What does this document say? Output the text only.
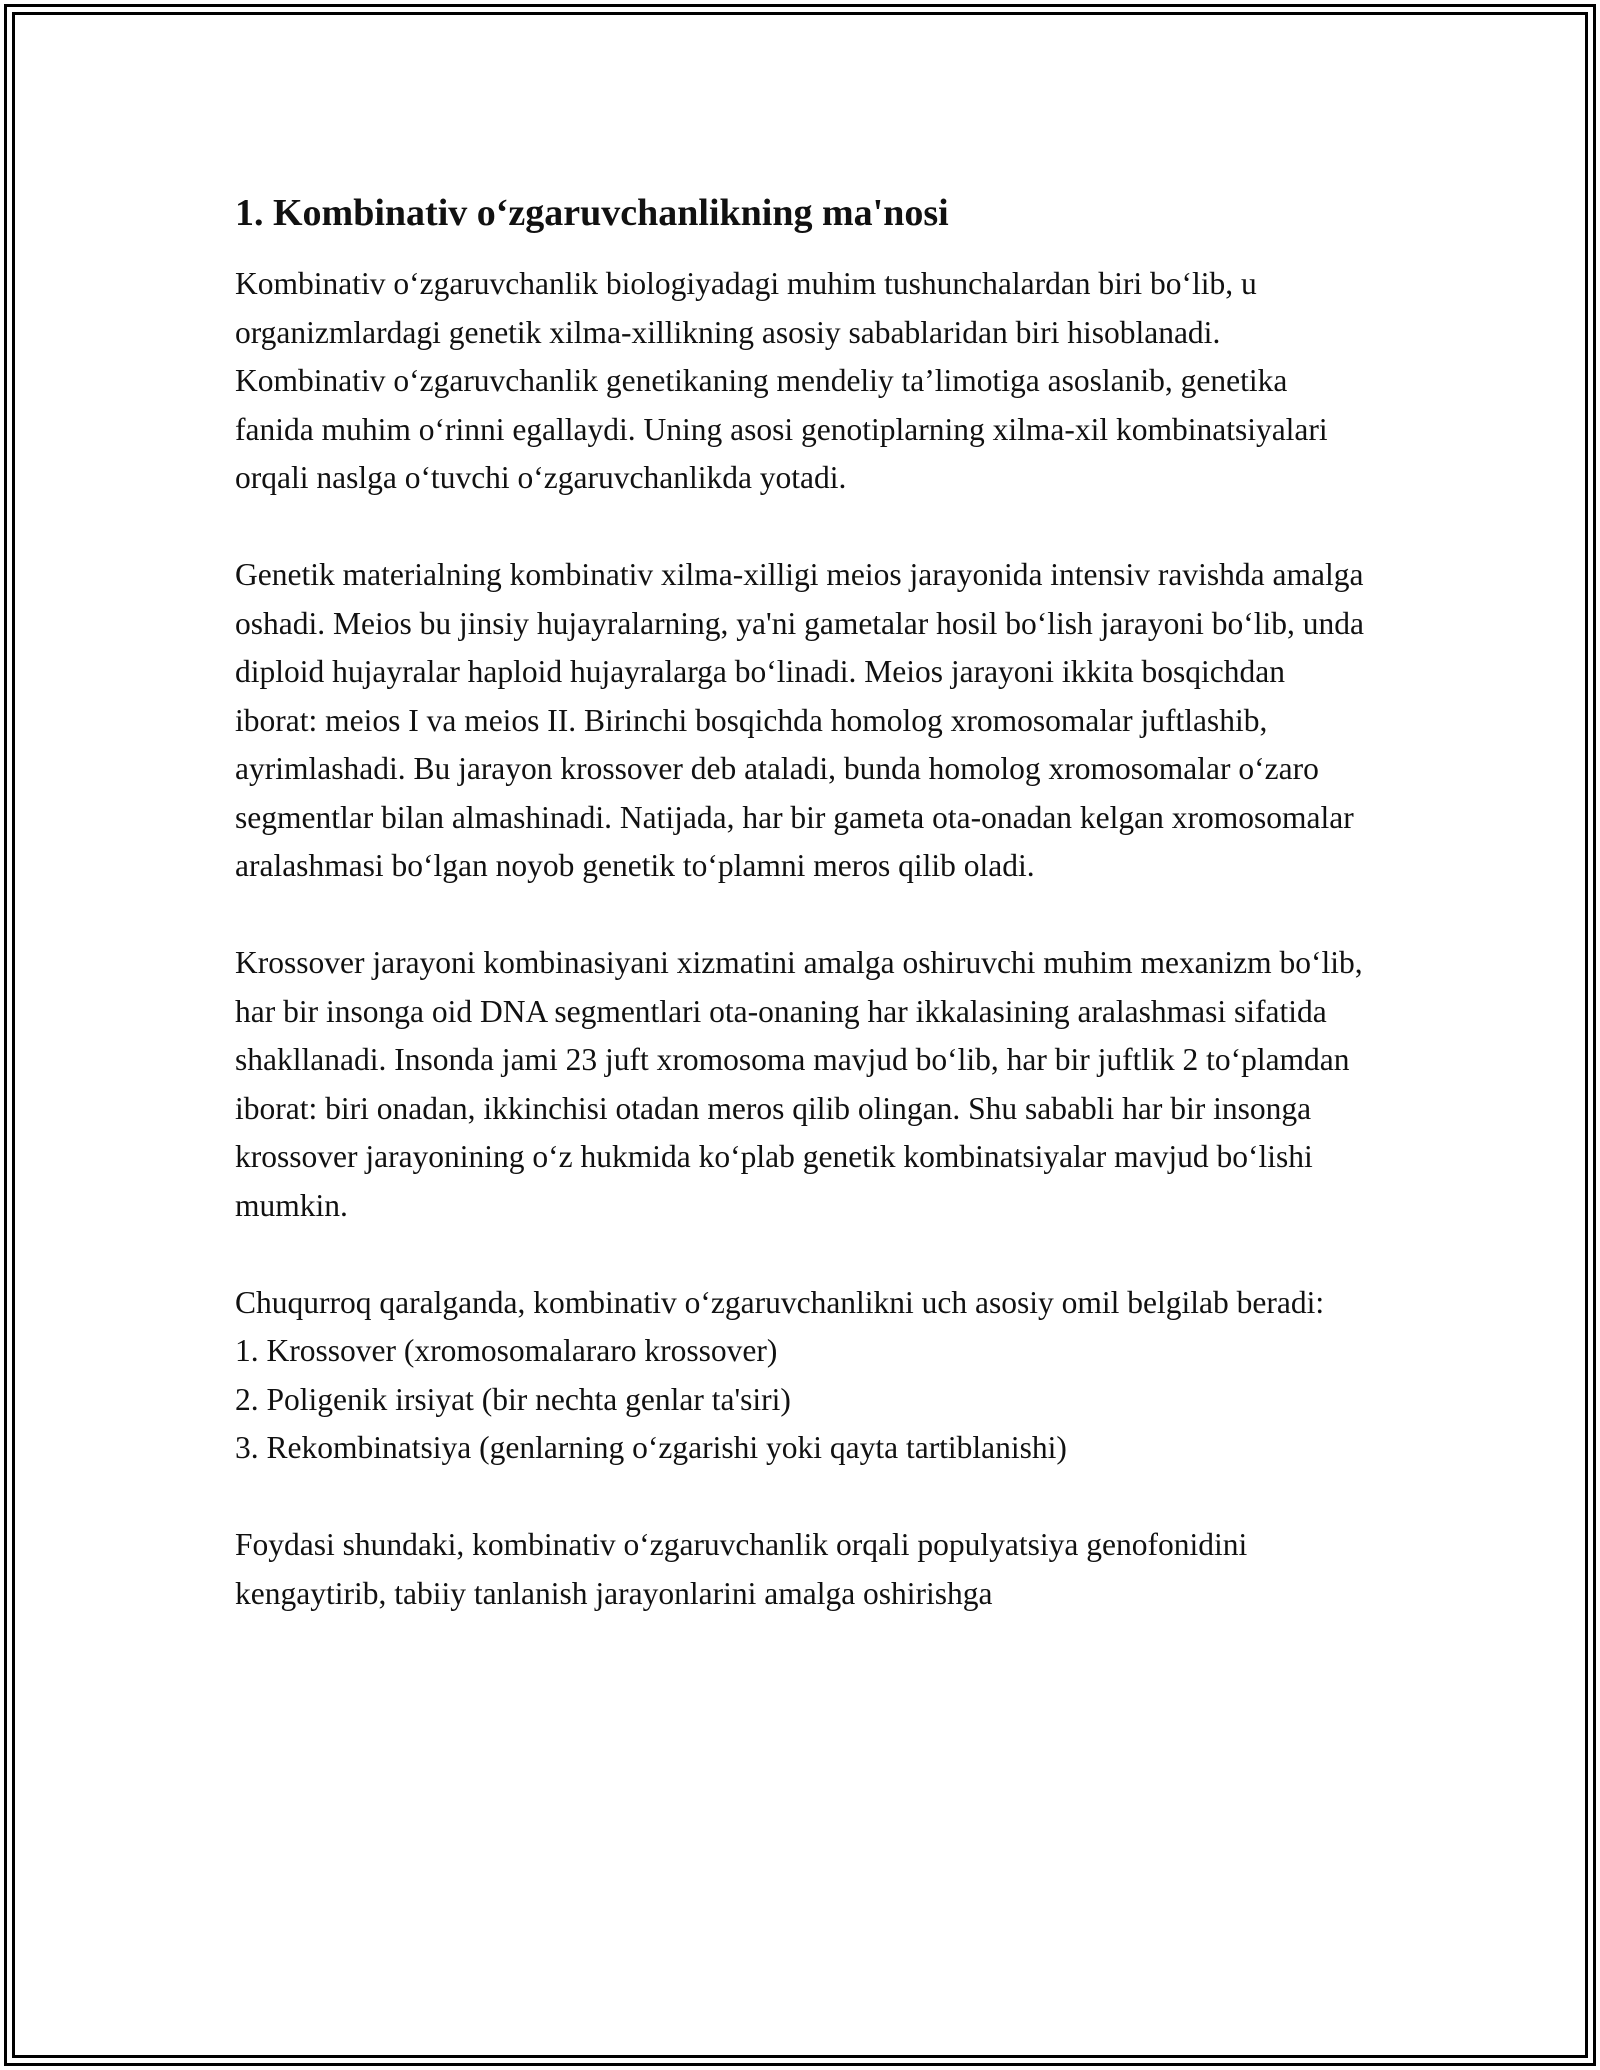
1. Kombinativ o‘zgaruvchanlikning ma'nosi

Kombinativ o‘zgaruvchanlik biologiyadagi muhim tushunchalardan biri bo‘lib, u organizmlardagi genetik xilma-xillikning asosiy sabablaridan biri hisoblanadi. Kombinativ o‘zgaruvchanlik genetikaning mendeliy ta’limotiga asoslanib, genetika fanida muhim o‘rinni egallaydi. Uning asosi genotiplarning xilma-xil kombinatsiyalari orqali naslga o‘tuvchi o‘zgaruvchanlikda yotadi.

Genetik materialning kombinativ xilma-xilligi meios jarayonida intensiv ravishda amalga oshadi. Meios bu jinsiy hujayralarning, ya'ni gametalar hosil bo‘lish jarayoni bo‘lib, unda diploid hujayralar haploid hujayralarga bo‘linadi. Meios jarayoni ikkita bosqichdan iborat: meios I va meios II. Birinchi bosqichda homolog xromosomalar juftlashib, ayrimlashadi. Bu jarayon krossover deb ataladi, bunda homolog xromosomalar o‘zaro segmentlar bilan almashinadi. Natijada, har bir gameta ota-onadan kelgan xromosomalar aralashmasi bo‘lgan noyob genetik to‘plamni meros qilib oladi.

Krossover jarayoni kombinasiyani xizmatini amalga oshiruvchi muhim mexanizm bo‘lib, har bir insonga oid DNA segmentlari ota-onaning har ikkalasining aralashmasi sifatida shakllanadi. Insonda jami 23 juft xromosoma mavjud bo‘lib, har bir juftlik 2 to‘plamdan iborat: biri onadan, ikkinchisi otadan meros qilib olingan. Shu sababli har bir insonga krossover jarayonining o‘z hukmida ko‘plab genetik kombinatsiyalar mavjud bo‘lishi mumkin.

Chuqurroq qaralganda, kombinativ o‘zgaruvchanlikni uch asosiy omil belgilab beradi:

1. Krossover (xromosomalararo krossover)
2. Poligenik irsiyat (bir nechta genlar ta'siri)
3. Rekombinatsiya (genlarning o‘zgarishi yoki qayta tartiblanishi)

Foydasi shundaki, kombinativ o‘zgaruvchanlik orqali populyatsiya genofonidini kengaytirib, tabiiy tanlanish jarayonlarini amalga oshirishga
